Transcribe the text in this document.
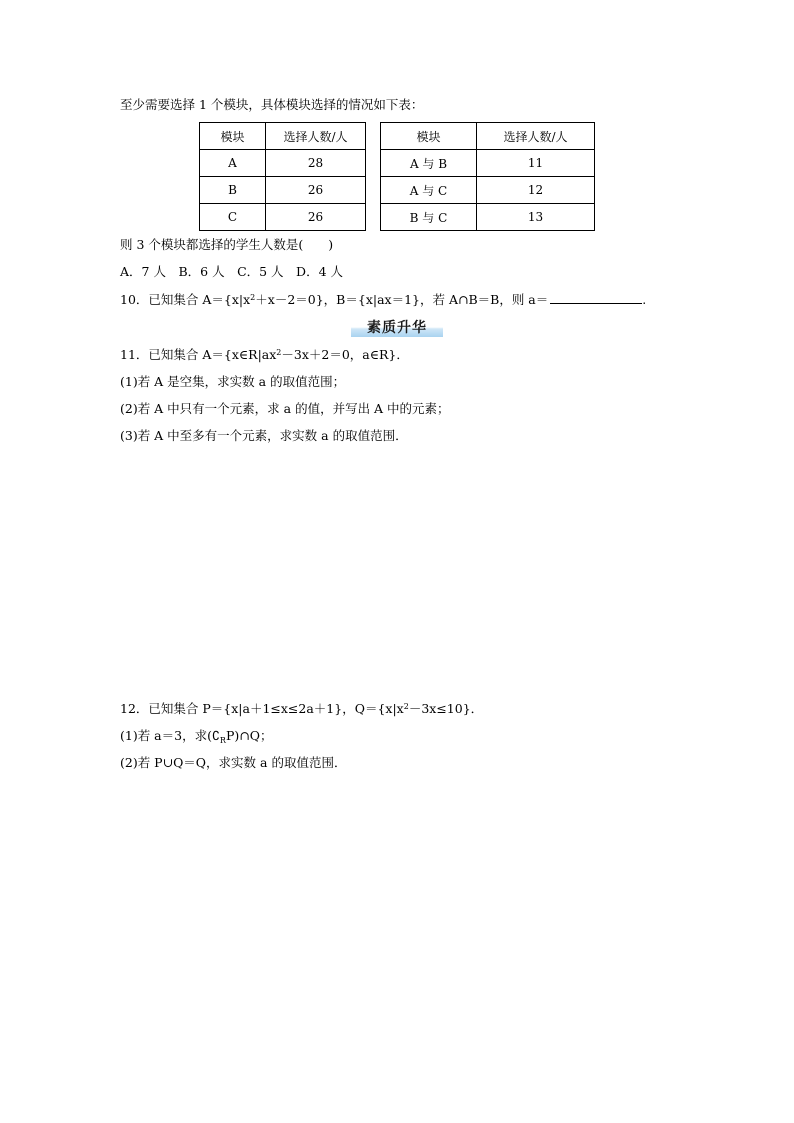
至少需要选择 1 个模块，具体模块选择的情况如下表：
模块	选择人数/人		模块	选择人数/人
A	28		A 与 B	11
B	26		A 与 C	12
C	26		B 与 C	13
则 3 个模块都选择的学生人数是(　　)
A．7 人　B．6 人　C．5 人　D．4 人
10．已知集合 $A=\{x|x^2+x-2=0\}$，B＝{x|ax＝1}，若 A∩B＝B，则 a＝	.
素质升华
11．已知集合 $A=\{x\in R|ax^2-3x+2=0$，a∈R}．
(1)若 A 是空集，求实数 a 的取值范围；
(2)若 A 中只有一个元素，求 a 的值，并写出 A 中的元素；
(3)若 A 中至多有一个元素，求实数 a 的取值范围．
12．已知集合 P＝{x|a＋1≤x≤2a＋1}，$Q=\{x|x^2-3x\le 10\}$．
(1)若 a＝3，求$(∁_RP)\cap Q$；
(2)若 P∪Q＝Q，求实数 a 的取值范围．
